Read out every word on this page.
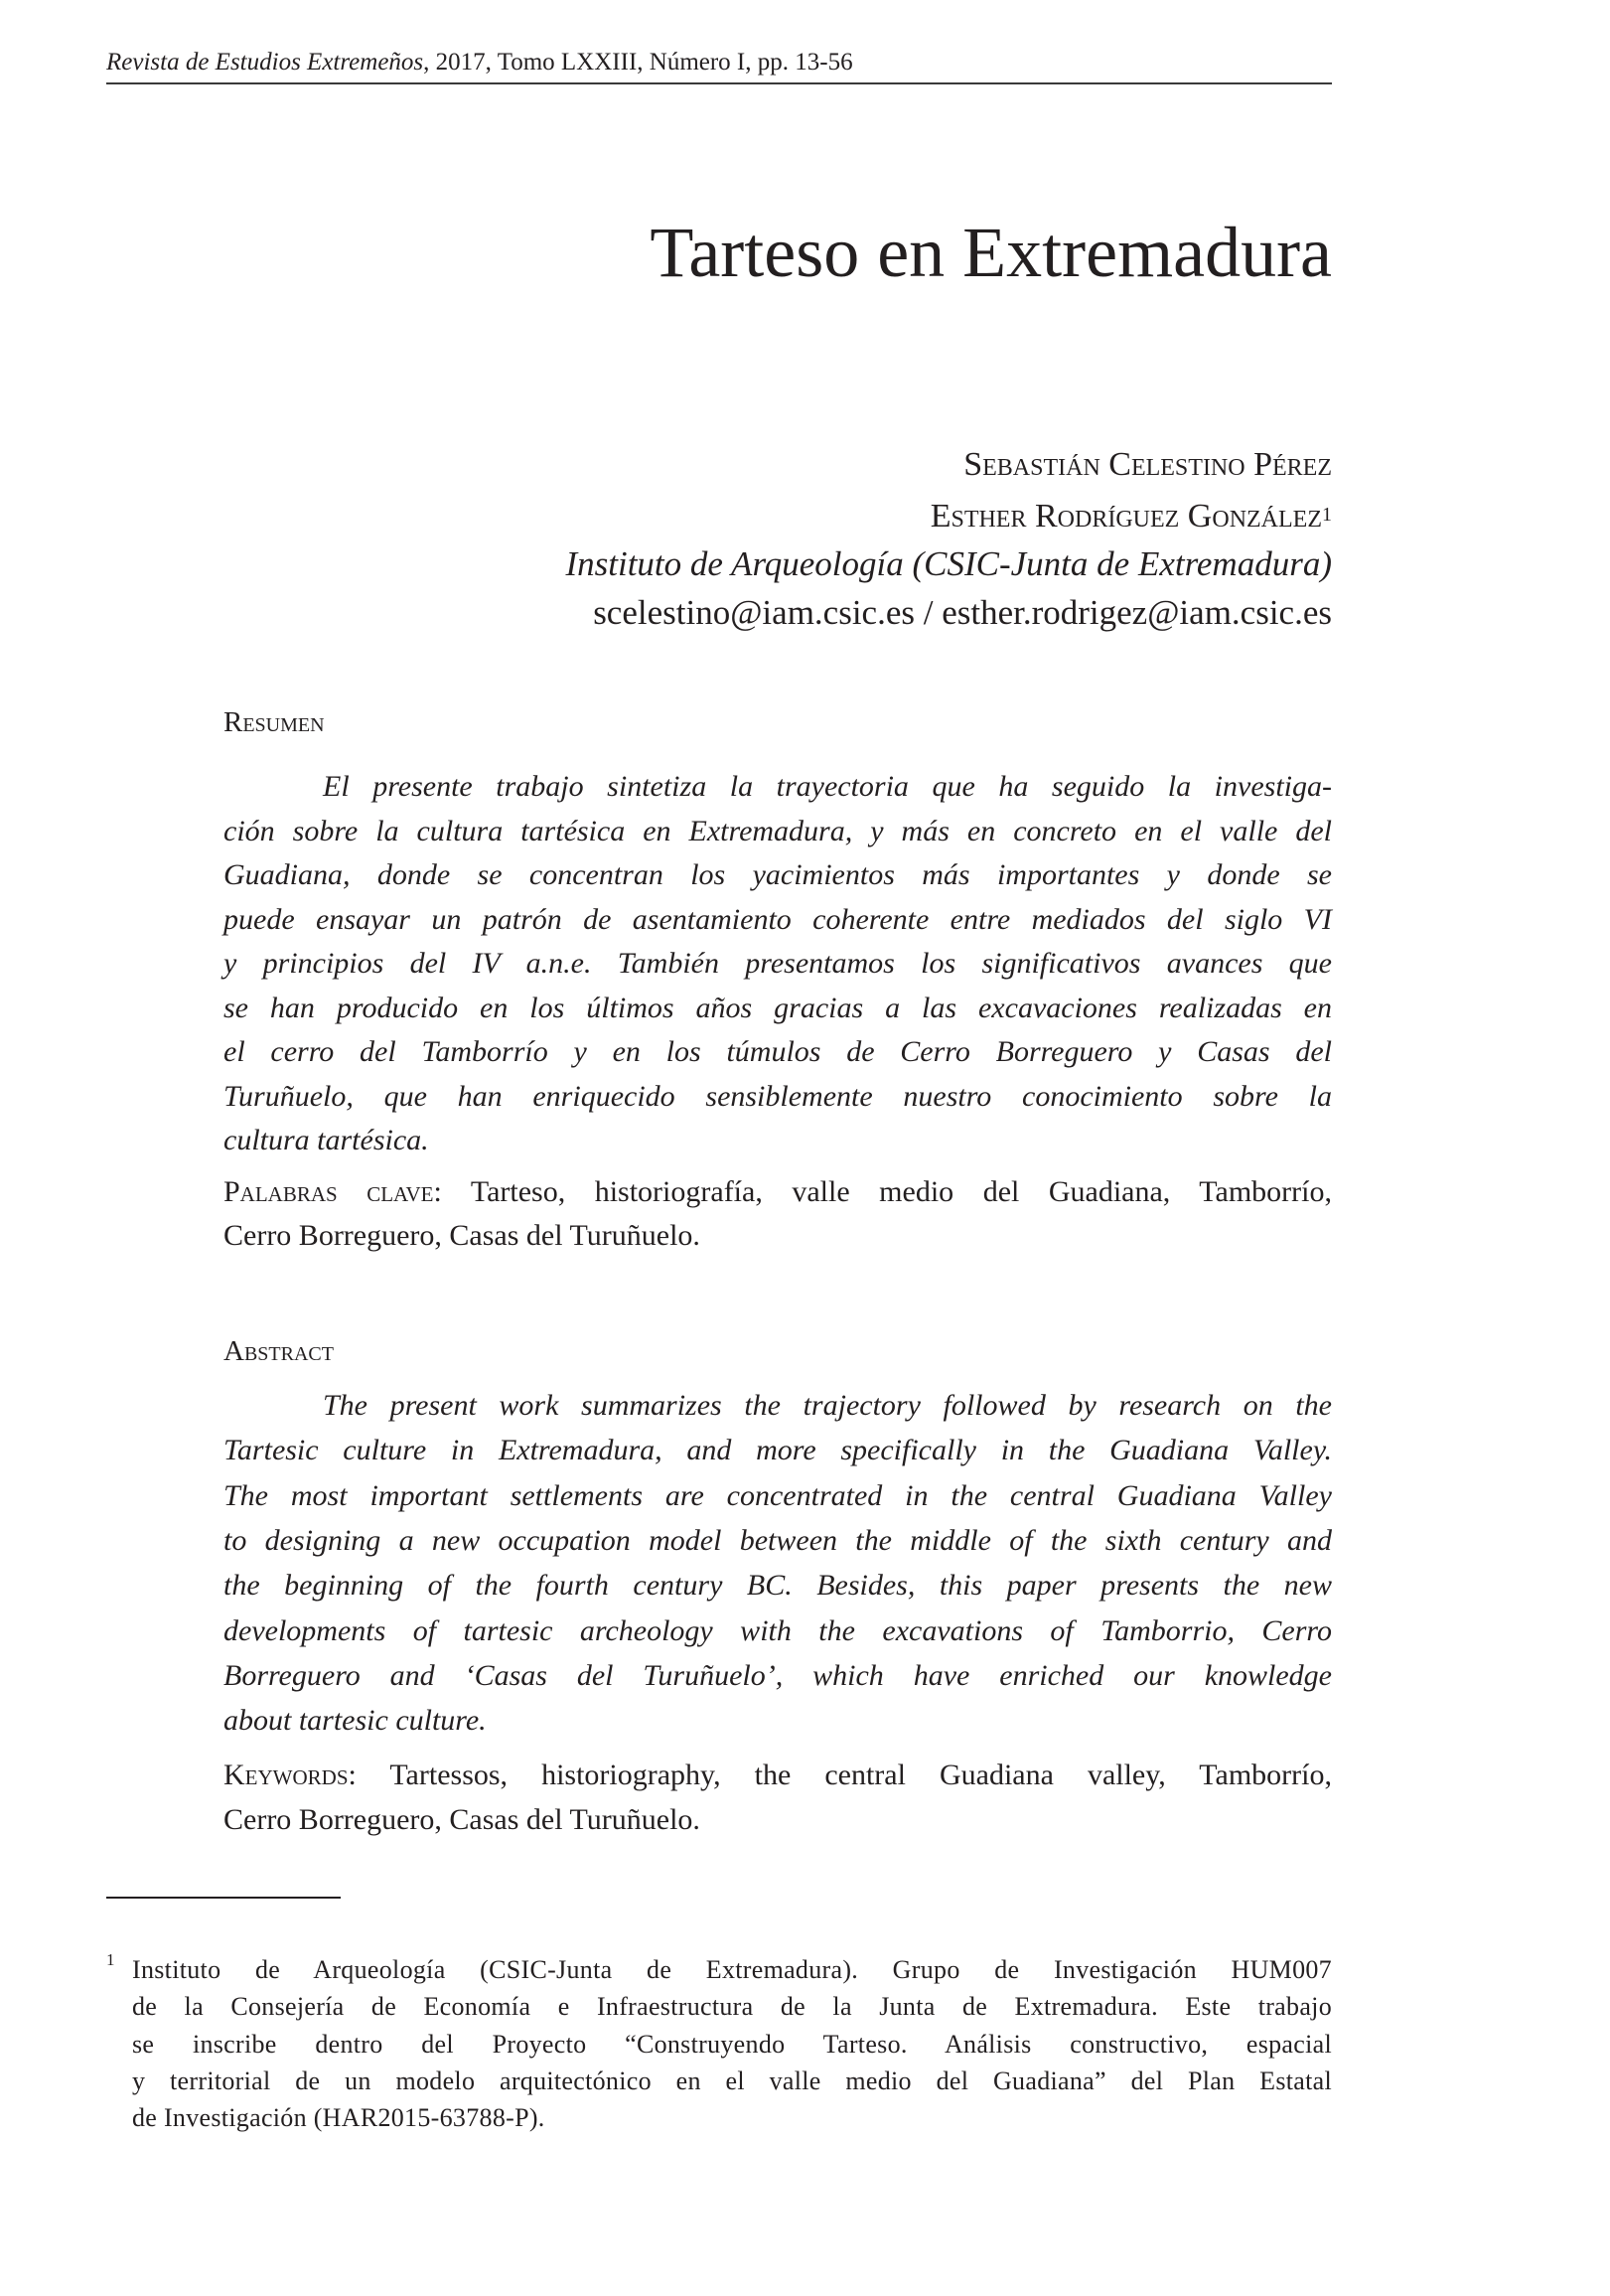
Revista de Estudios Extremeños, 2017, Tomo LXXIII, Número I, pp. 13-56
Tarteso en Extremadura
Sebastián Celestino Pérez
Esther Rodríguez González$^1$
Instituto de Arqueología (CSIC-Junta de Extremadura)
scelestino@iam.csic.es / esther.rodrigez@iam.csic.es
Resumen
El presente trabajo sintetiza la trayectoria que ha seguido la investiga-
ción sobre la cultura tartésica en Extremadura, y más en concreto en el valle del
Guadiana, donde se concentran los yacimientos más importantes y donde se
puede ensayar un patrón de asentamiento coherente entre mediados del siglo VI
y principios del IV a.n.e. También presentamos los significativos avances que
se han producido en los últimos años gracias a las excavaciones realizadas en
el cerro del Tamborrío y en los túmulos de Cerro Borreguero y Casas del
Turuñuelo, que han enriquecido sensiblemente nuestro conocimiento sobre la
cultura tartésica.
Palabras clave: Tarteso, historiografía, valle medio del Guadiana, Tamborrío,
Cerro Borreguero, Casas del Turuñuelo.
Abstract
The present work summarizes the trajectory followed by research on the
Tartesic culture in Extremadura, and more specifically in the Guadiana Valley.
The most important settlements are concentrated in the central Guadiana Valley
to designing a new occupation model between the middle of the sixth century and
the beginning of the fourth century BC. Besides, this paper presents the new
developments of tartesic archeology with the excavations of Tamborrio, Cerro
Borreguero and ‘Casas del Turuñuelo’, which have enriched our knowledge
about tartesic culture.
Keywords: Tartessos, historiography, the central Guadiana valley, Tamborrío,
Cerro Borreguero, Casas del Turuñuelo.
1 Instituto de Arqueología (CSIC-Junta de Extremadura). Grupo de Investigación HUM007
de la Consejería de Economía e Infraestructura de la Junta de Extremadura. Este trabajo
se inscribe dentro del Proyecto “Construyendo Tarteso. Análisis constructivo, espacial
y territorial de un modelo arquitectónico en el valle medio del Guadiana” del Plan Estatal
de Investigación (HAR2015-63788-P).
